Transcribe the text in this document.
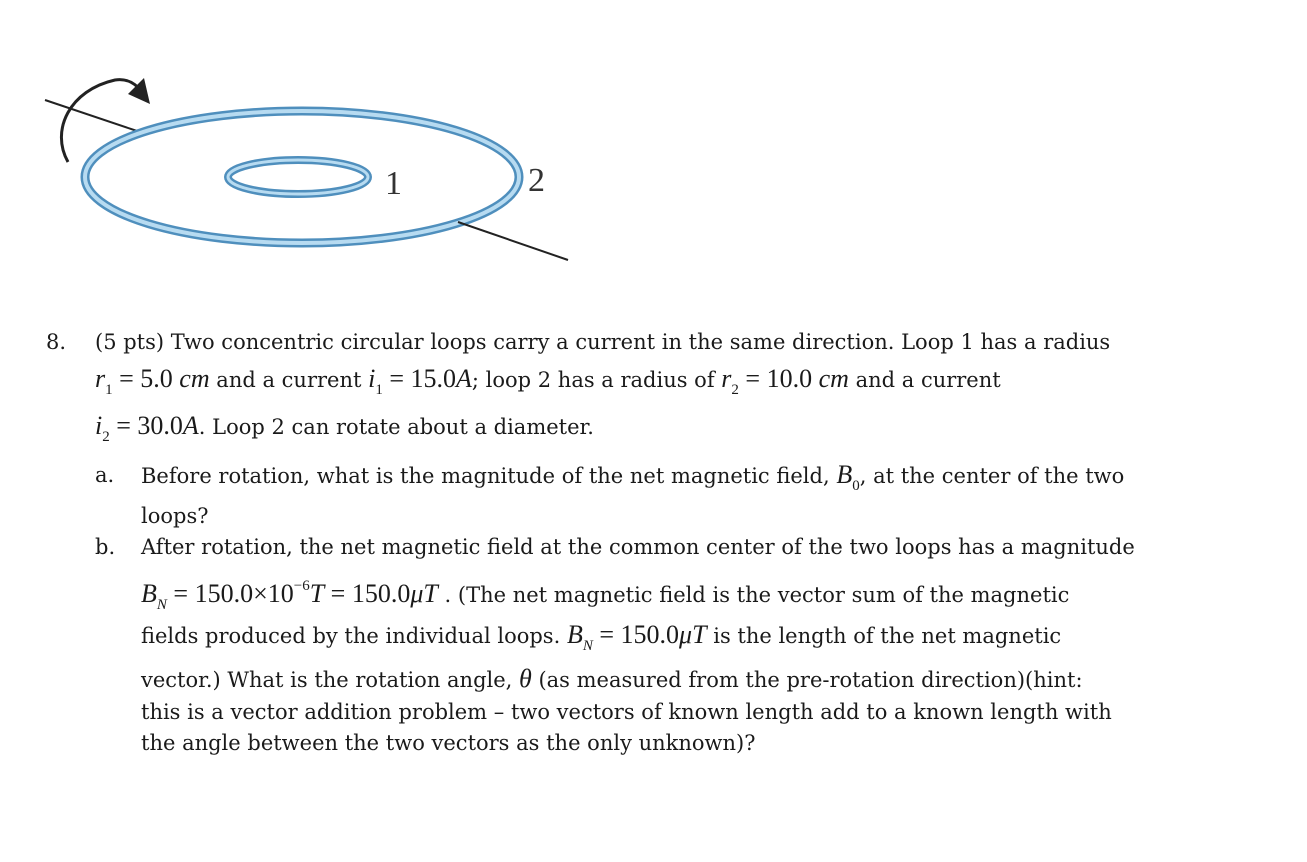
1	2
8. (5 pts) Two concentric circular loops carry a current in the same direction. Loop 1 has a radius
$r_1 = 5.0$ cm and a current $i_1 = 15.0A$; loop 2 has a radius of $r_2 = 10.0$ cm and a current
$i_2 = 30.0A$. Loop 2 can rotate about a diameter.
a. Before rotation, what is the magnitude of the net magnetic field, $B_0$, at the center of the two
loops?
b. After rotation, the net magnetic field at the common center of the two loops has a magnitude
$B_N = 150.0\times 10^{-6}T = 150.0\mu T$ . (The net magnetic field is the vector sum of the magnetic
fields produced by the individual loops. $B_N = 150.0\mu T$ is the length of the net magnetic
vector.) What is the rotation angle, θ (as measured from the pre-rotation direction)(hint:
this is a vector addition problem – two vectors of known length add to a known length with
the angle between the two vectors as the only unknown)?
